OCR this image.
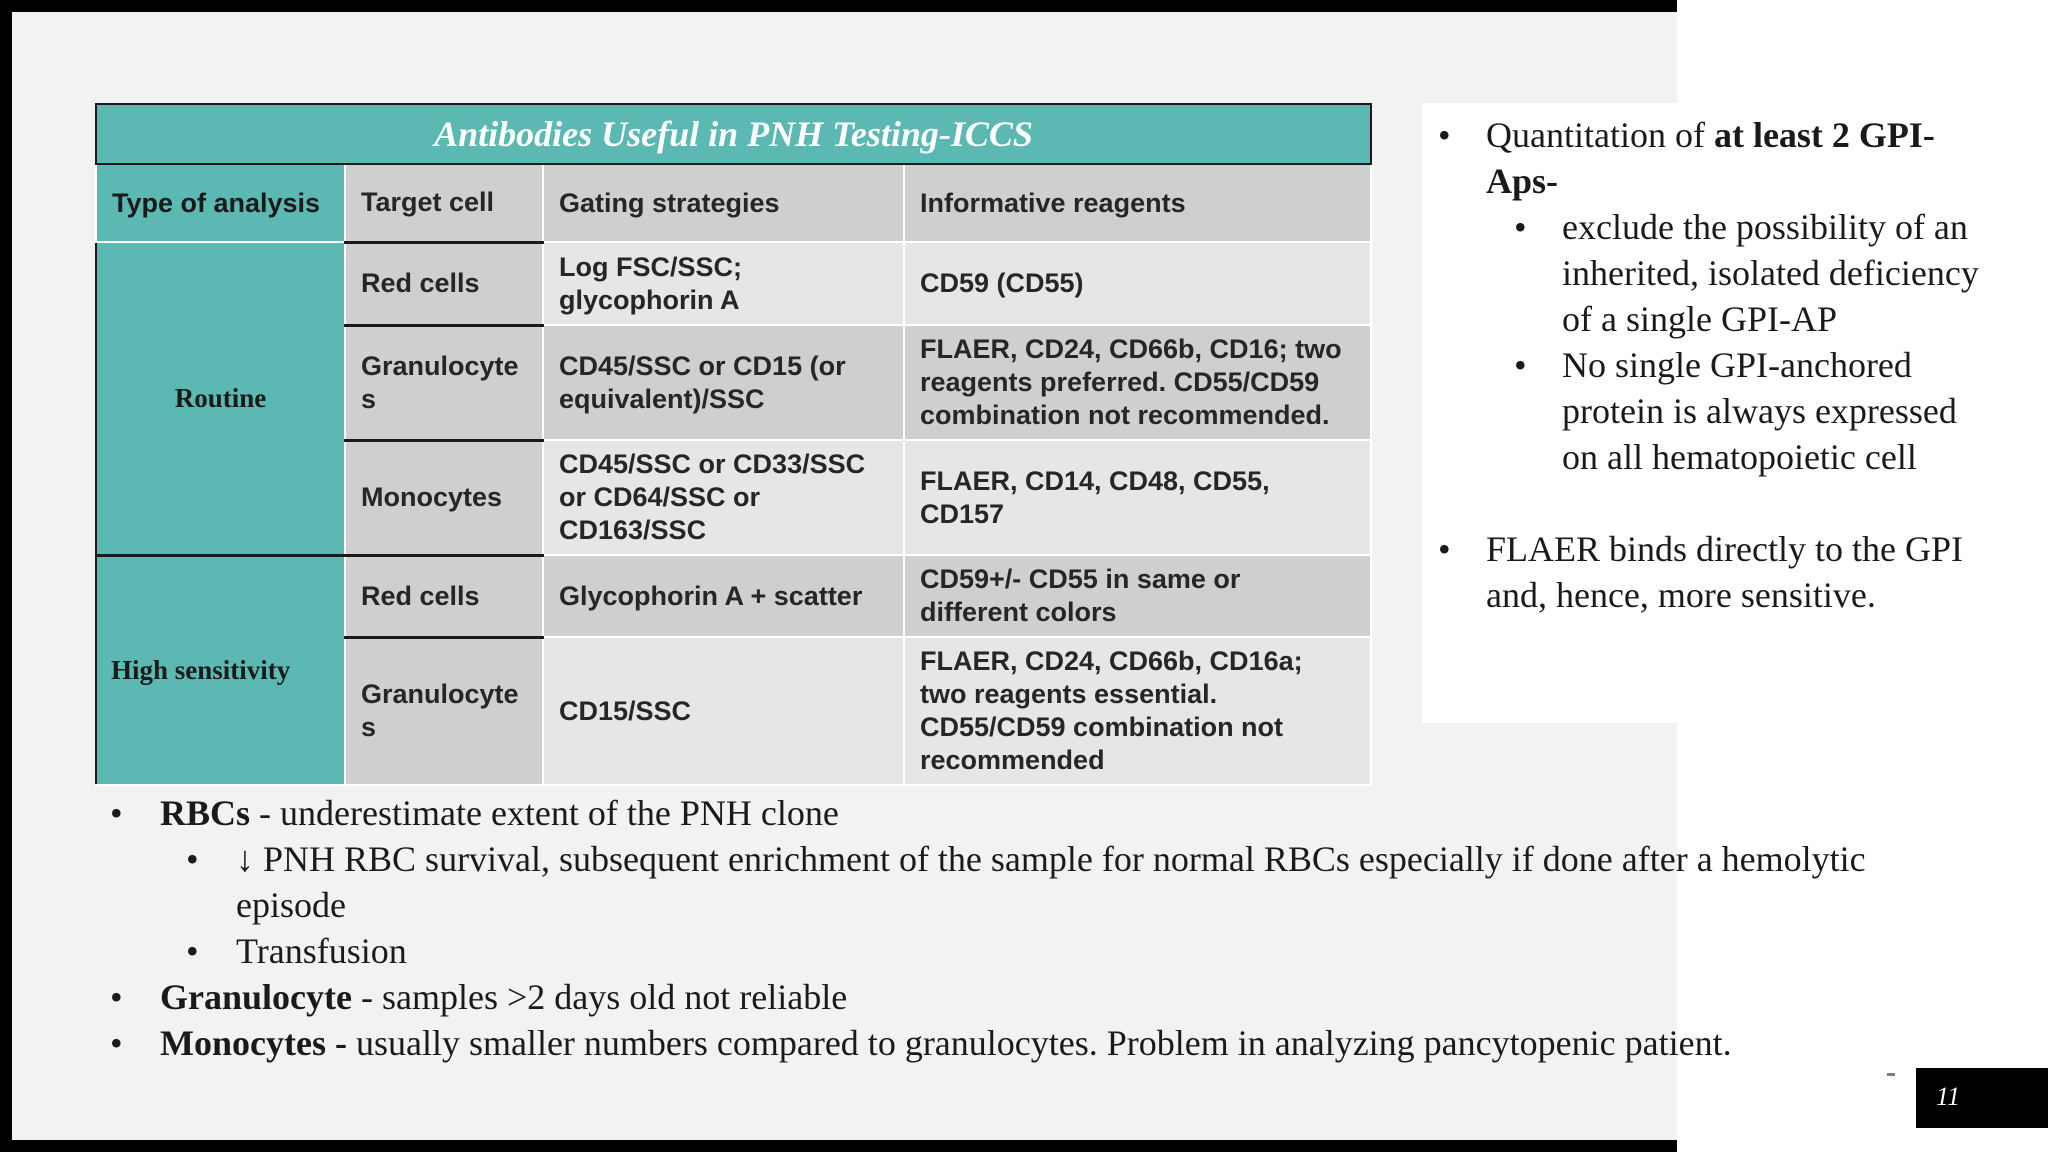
Antibodies Useful in PNH Testing-ICCS			
Type of analysis	Target cell	Gating strategies	Informative reagents
Routine	Red cells	Log FSC/SSC; glycophorin A	CD59 (CD55)
	Granulocyte s	CD45/SSC or CD15 (or equivalent)/SSC	FLAER, CD24, CD66b, CD16; two reagents preferred. CD55/CD59 combination not recommended.
	Monocytes	CD45/SSC or CD33/SSC or CD64/SSC or CD163/SSC	FLAER, CD14, CD48, CD55, CD157
High sensitivity	Red cells	Glycophorin A + scatter	CD59+/- CD55 in same or different colors
	Granulocyte s	CD15/SSC	FLAER, CD24, CD66b, CD16a; two reagents essential. CD55/CD59 combination not recommended
• Quantitation of at least 2 GPI-Aps-
• exclude the possibility of an inherited, isolated deficiency of a single GPI-AP
• No single GPI-anchored protein is always expressed on all hematopoietic cell
• FLAER binds directly to the GPI and, hence, more sensitive.
• RBCs - underestimate extent of the PNH clone
• ↓ PNH RBC survival, subsequent enrichment of the sample for normal RBCs especially if done after a hemolytic episode
• Transfusion
• Granulocyte - samples >2 days old not reliable
• Monocytes - usually smaller numbers compared to granulocytes. Problem in analyzing pancytopenic patient.
11
